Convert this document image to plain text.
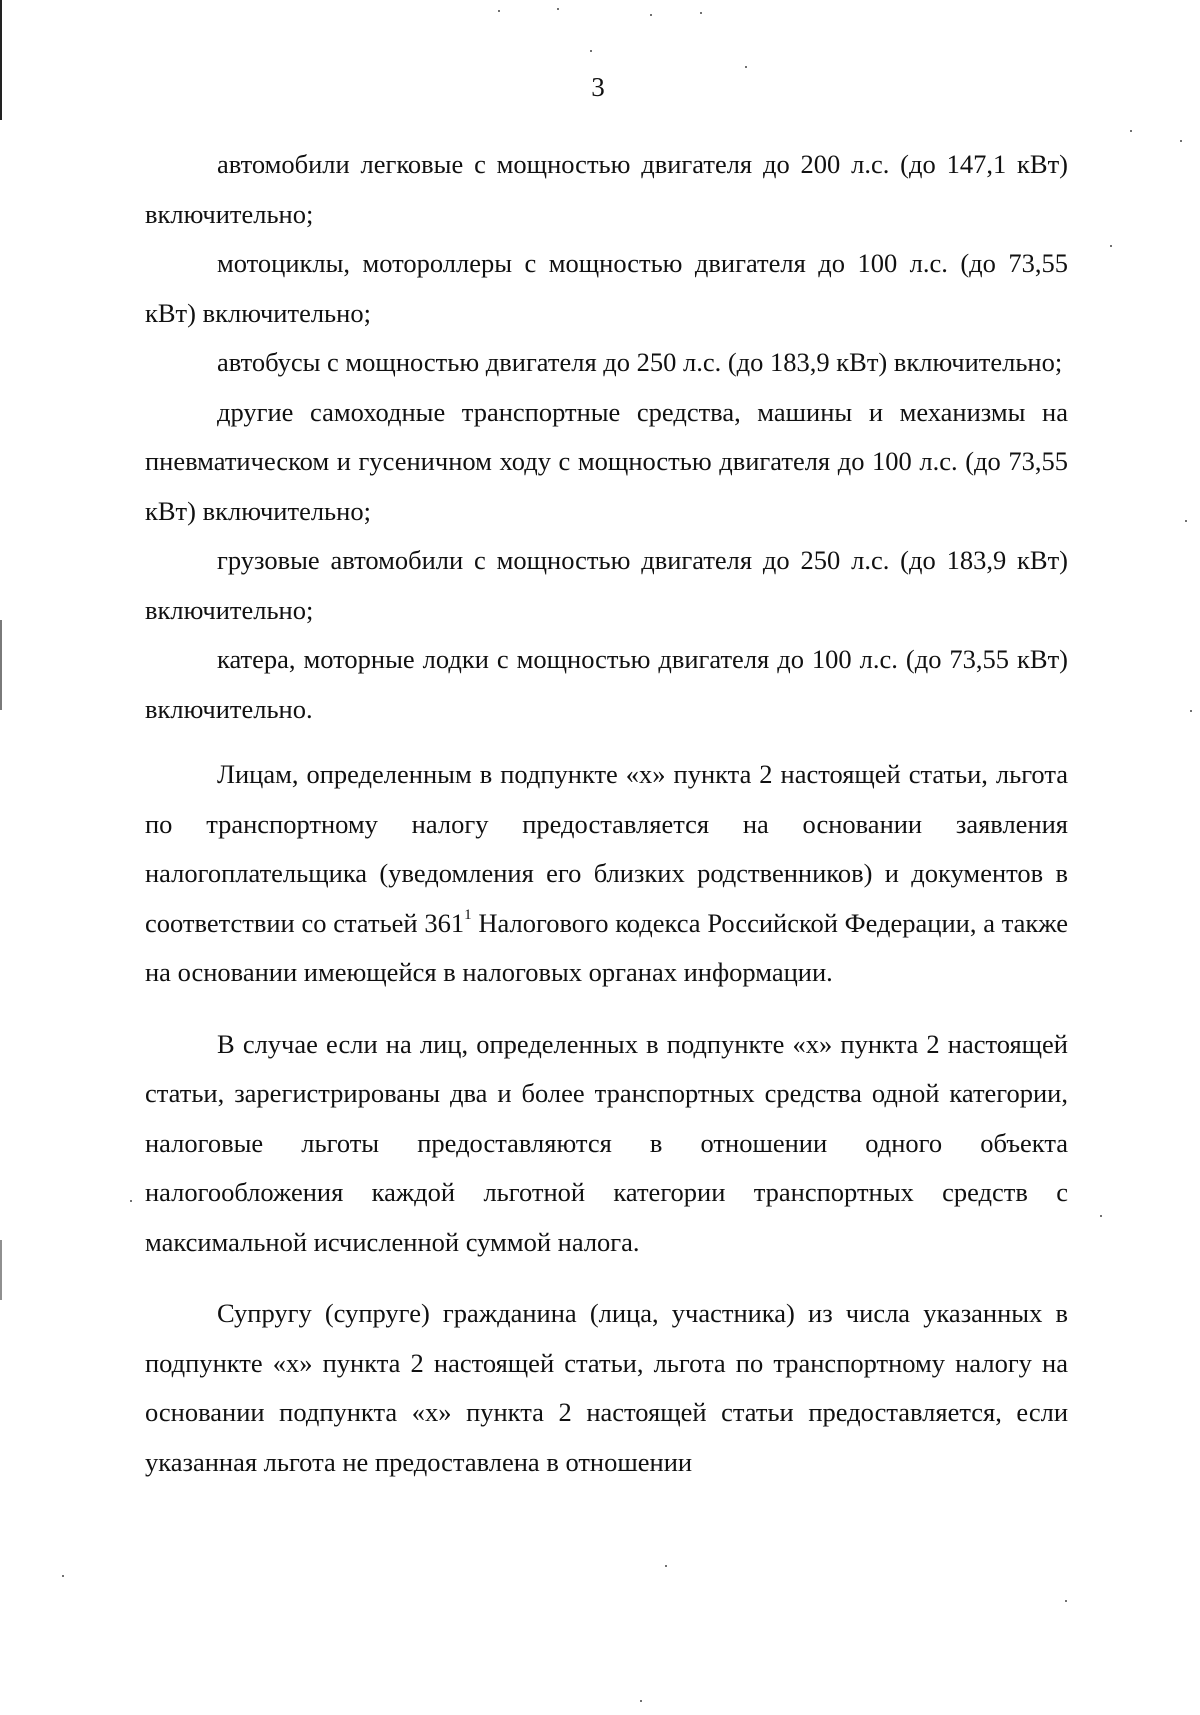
3

автомобили легковые с мощностью двигателя до 200 л.с. (до 147,1 кВт) включительно;

мотоциклы, мотороллеры с мощностью двигателя до 100 л.с. (до 73,55 кВт) включительно;

автобусы с мощностью двигателя до 250 л.с. (до 183,9 кВт) включительно;

другие самоходные транспортные средства, машины и механизмы на пневматическом и гусеничном ходу с мощностью двигателя до 100 л.с. (до 73,55 кВт) включительно;

грузовые автомобили с мощностью двигателя до 250 л.с. (до 183,9 кВт) включительно;

катера, моторные лодки с мощностью двигателя до 100 л.с. (до 73,55 кВт) включительно.

Лицам, определенным в подпункте «х» пункта 2 настоящей статьи, льгота по транспортному налогу предоставляется на основании заявления налогоплательщика (уведомления его близких родственников) и документов в соответствии со статьей $361^1$ Налогового кодекса Российской Федерации, а также на основании имеющейся в налоговых органах информации.

В случае если на лиц, определенных в подпункте «х» пункта 2 настоящей статьи, зарегистрированы два и более транспортных средства одной категории, налоговые льготы предоставляются в отношении одного объекта налогообложения каждой льготной категории транспортных средств с максимальной исчисленной суммой налога.

Супругу (супруге) гражданина (лица, участника) из числа указанных в подпункте «х» пункта 2 настоящей статьи, льгота по транспортному налогу на основании подпункта «х» пункта 2 настоящей статьи предоставляется, если указанная льгота не предоставлена в отношении
